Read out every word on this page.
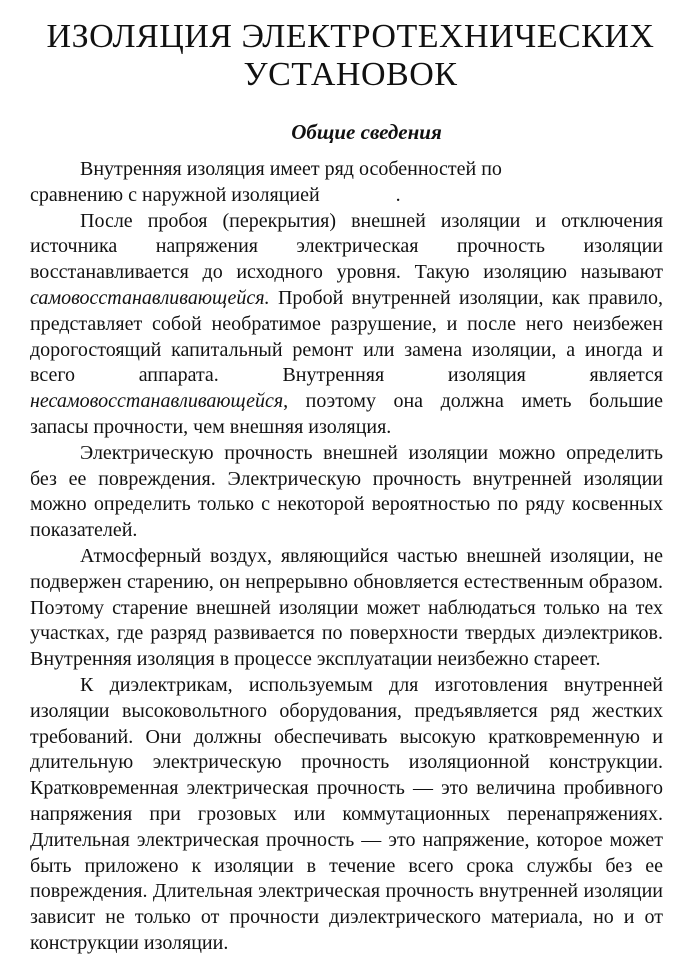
ИЗОЛЯЦИЯ ЭЛЕКТРОТЕХНИЧЕСКИХ
УСТАНОВОК
Общие сведения

Внутренняя изоляция имеет ряд особенностей по
сравнению с наружной изоляцией	.

После пробоя (перекрытия) внешней изоляции и отключения источника напряжения электрическая прочность изоляции восстанавливается до исходного уровня. Такую изоляцию называют самовосстанавливающейся. Пробой внутренней изоляции, как правило, представляет собой необратимое разрушение, и после него неизбежен дорогостоящий капитальный ремонт или замена изоляции, а иногда и всего аппарата. Внутренняя изоляция является несамовосстанавливающейся, поэтому она должна иметь большие запасы прочности, чем внешняя изоляция.

Электрическую прочность внешней изоляции можно определить без ее повреждения. Электрическую прочность внутренней изоляции можно определить только с некоторой вероятностью по ряду косвенных показателей.

Атмосферный воздух, являющийся частью внешней изоляции, не подвержен старению, он непрерывно обновляется естественным образом. Поэтому старение внешней изоляции может наблюдаться только на тех участках, где разряд развивается по поверхности твердых диэлектриков. Внутренняя изоляция в процессе эксплуатации неизбежно стареет.

К диэлектрикам, используемым для изготовления внутренней изоляции высоковольтного оборудования, предъявляется ряд жестких требований. Они должны обеспечивать высокую кратковременную и длительную электрическую прочность изоляционной конструкции. Кратковременная электрическая прочность — это величина пробивного напряжения при грозовых или коммутационных перенапряжениях. Длительная электрическая прочность — это напряжение, которое может быть приложено к изоляции в течение всего срока службы без ее повреждения. Длительная электрическая прочность внутренней изоляции зависит не только от прочности диэлектрического материала, но и от конструкции изоляции.
